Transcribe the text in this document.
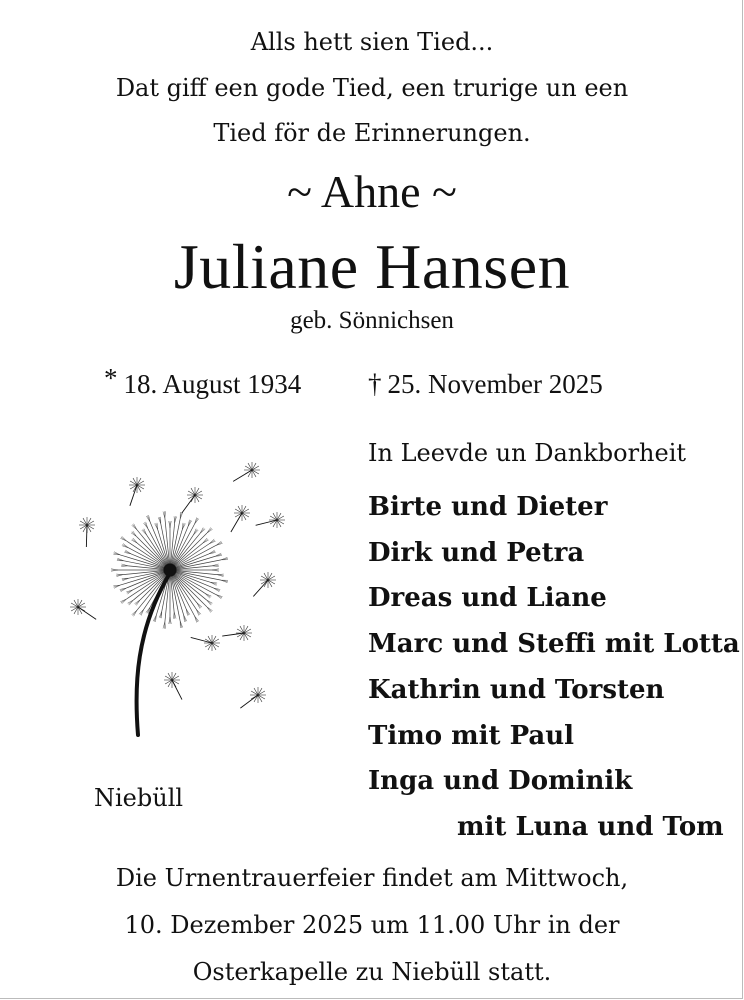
Alls hett sien Tied...
Dat giff een gode Tied, een trurige un een
Tied för de Erinnerungen.
~ Ahne ~
Juliane Hansen
geb. Sönnichsen
* 18. August 1934 † 25. November 2025
In Leevde un Dankborheit
Birte und Dieter
Dirk und Petra
Dreas und Liane
Marc und Steffi mit Lotta
Kathrin und Torsten
Timo mit Paul
Inga und Dominik
mit Luna und Tom
Niebüll
Die Urnentrauerfeier findet am Mittwoch,
10. Dezember 2025 um 11.00 Uhr in der
Osterkapelle zu Niebüll statt.
